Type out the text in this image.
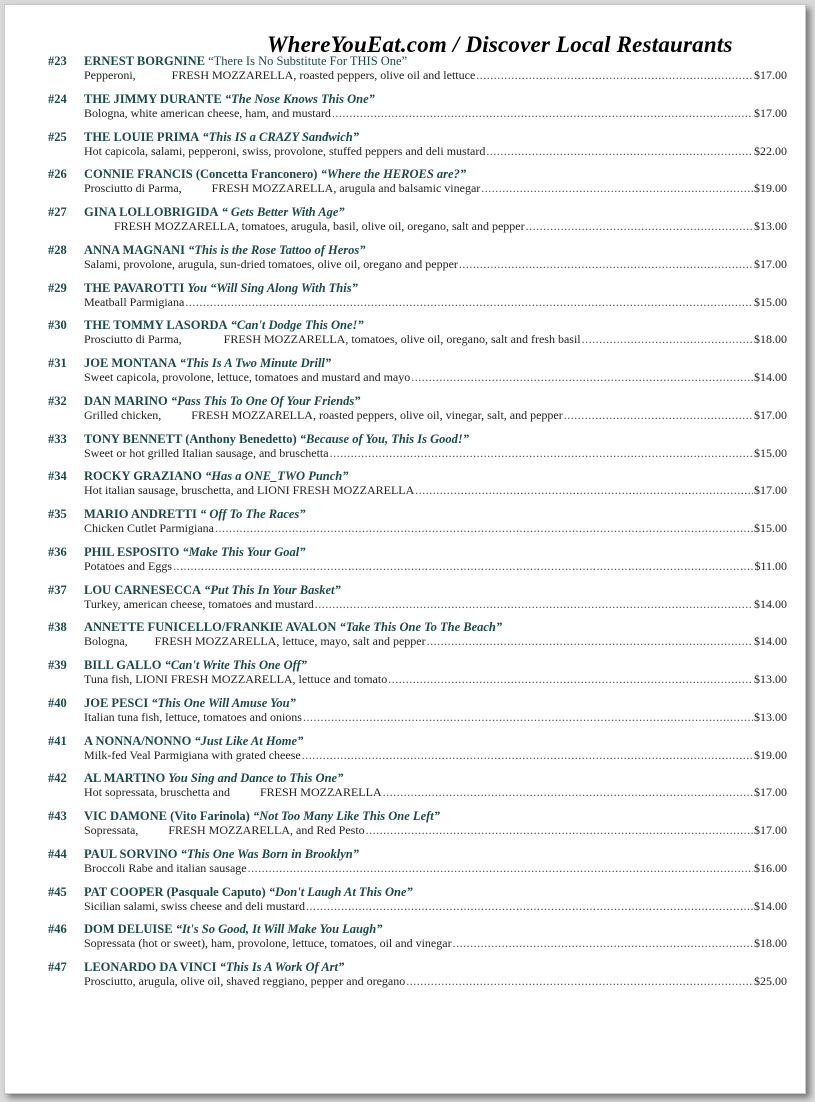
WhereYouEat.com / Discover Local Restaurants
#23 ERNEST BORGNINE “There Is No Substitute For THIS One”
Pepperoni,            FRESH MOZZARELLA, roasted peppers, olive oil and lettuce .....	$17.00
#24 THE JIMMY DURANTE “The Nose Knows This One”
Bologna, white american cheese, ham, and mustard .....	$17.00
#25 THE LOUIE PRIMA “This IS a CRAZY Sandwich”
Hot capicola, salami, pepperoni, swiss, provolone, stuffed peppers and deli mustard .....	$22.00
#26 CONNIE FRANCIS (Concetta Franconero) “Where the HEROES are?”
Prosciutto di Parma,          FRESH MOZZARELLA, arugula and balsamic vinegar .....	$19.00
#27 GINA LOLLOBRIGIDA “ Gets Better With Age”
FRESH MOZZARELLA, tomatoes, arugula, basil, olive oil, oregano, salt and pepper .....	$13.00
#28 ANNA MAGNANI “This is the Rose Tattoo of Heros”
Salami, provolone, arugula, sun-dried tomatoes, olive oil, oregano and pepper .....	$17.00
#29 THE PAVAROTTI You “Will Sing Along With This”
Meatball Parmigiana .....	$15.00
#30 THE TOMMY LASORDA “Can't Dodge This One!”
Prosciutto di Parma,              FRESH MOZZARELLA, tomatoes, olive oil, oregano, salt and fresh basil .....	$18.00
#31 JOE MONTANA “This Is A Two Minute Drill”
Sweet capicola, provolone, lettuce, tomatoes and mustard and mayo .....	$14.00
#32 DAN MARINO “Pass This To One Of Your Friends”
Grilled chicken,          FRESH MOZZARELLA, roasted peppers, olive oil, vinegar, salt, and pepper .....	$17.00
#33 TONY BENNETT (Anthony Benedetto) “Because of You, This Is Good!”
Sweet or hot grilled Italian sausage, and bruschetta .....	$15.00
#34 ROCKY GRAZIANO “Has a ONE_TWO Punch”
Hot italian sausage, bruschetta, and LIONI FRESH MOZZARELLA .....	$17.00
#35 MARIO ANDRETTI “ Off To The Races”
Chicken Cutlet Parmigiana .....	$15.00
#36 PHIL ESPOSITO “Make This Your Goal”
Potatoes and Eggs .....	$11.00
#37 LOU CARNESECCA “Put This In Your Basket”
Turkey, american cheese, tomatoes and mustard .....	$14.00
#38 ANNETTE FUNICELLO/FRANKIE AVALON “Take This One To The Beach”
Bologna,         FRESH MOZZARELLA, lettuce, mayo, salt and pepper .....	$14.00
#39 BILL GALLO “Can't Write This One Off”
Tuna fish, LIONI FRESH MOZZARELLA, lettuce and tomato .....	$13.00
#40 JOE PESCI “This One Will Amuse You”
Italian tuna fish, lettuce, tomatoes and onions .....	$13.00
#41 A NONNA/NONNO “Just Like At Home”
Milk-fed Veal Parmigiana with grated cheese .....	$19.00
#42 AL MARTINO You Sing and Dance to This One”
Hot sopressata, bruschetta and          FRESH MOZZARELLA .....	$17.00
#43 VIC DAMONE (Vito Farinola) “Not Too Many Like This One Left”
Sopressata,          FRESH MOZZARELLA, and Red Pesto .....	$17.00
#44 PAUL SORVINO “This One Was Born in Brooklyn”
Broccoli Rabe and italian sausage .....	$16.00
#45 PAT COOPER (Pasquale Caputo) “Don't Laugh At This One”
Sicilian salami, swiss cheese and deli mustard .....	$14.00
#46 DOM DELUISE “It's So Good, It Will Make You Laugh”
Sopressata (hot or sweet), ham, provolone, lettuce, tomatoes, oil and vinegar .....	$18.00
#47 LEONARDO DA VINCI “This Is A Work Of Art”
Prosciutto, arugula, olive oil, shaved reggiano, pepper and oregano .....	$25.00
